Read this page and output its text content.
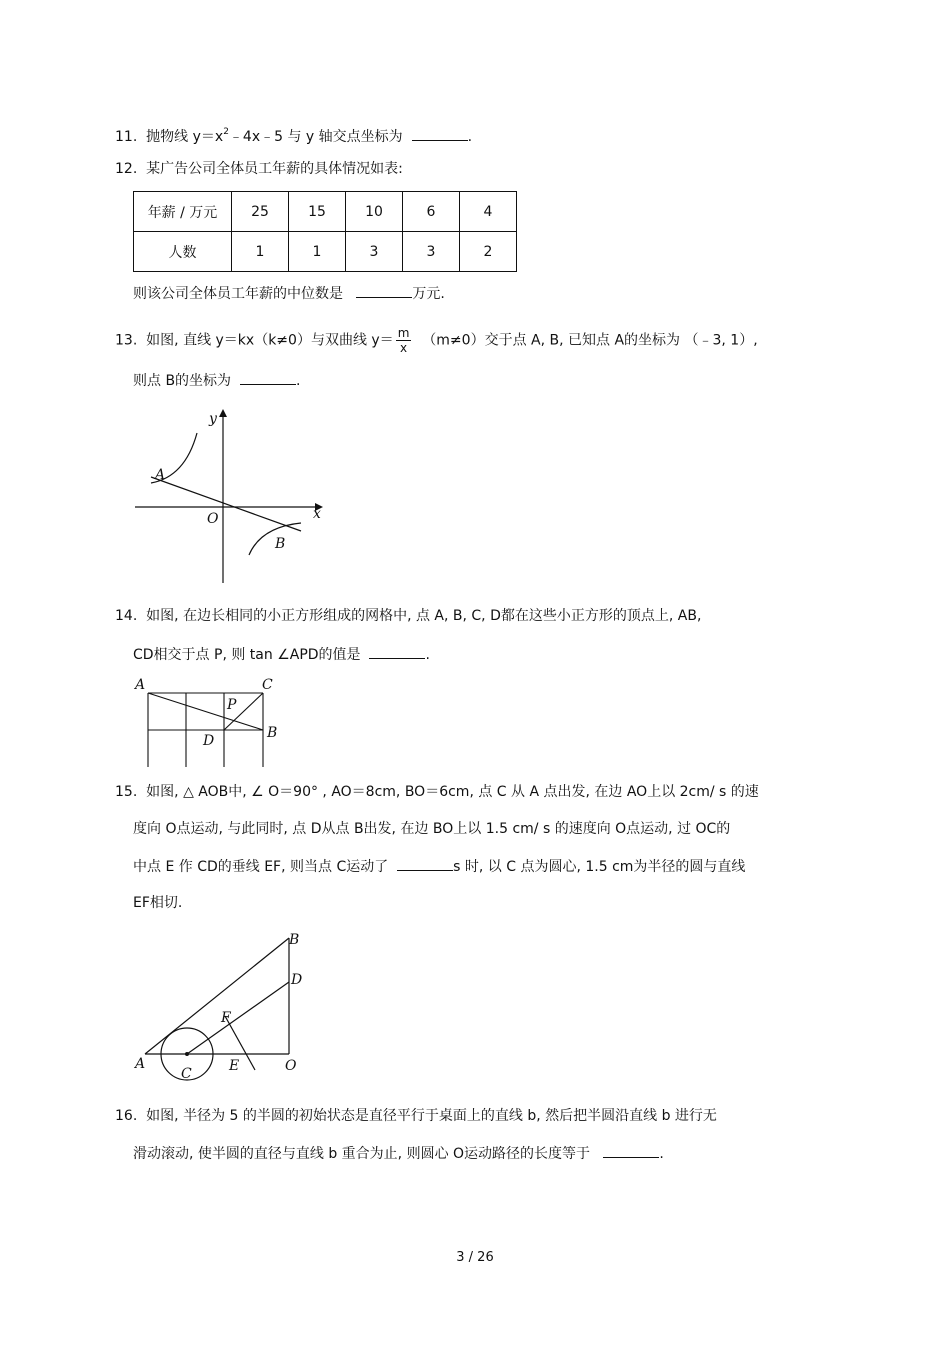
11. 抛物线 $y=x^2﹣4x﹣5$ 与 y 轴交点坐标为	.
12. 某广告公司全体员工年薪的具体情况如表:
年薪 / 万元	25	15	10	6	4
人数	1	1	3	3	2
则该公司全体员工年薪的中位数是	万元.
13. 如图, 直线 y＝kx（k≠0）与双曲线 $y= \frac{m}{x} (m\ne 0)$交于点 A, B, 已知点 A的坐标为 （﹣3, 1）,
则点 B的坐标为	.
y
x
O
A
B
14. 如图, 在边长相同的小正方形组成的网格中, 点 A, B, C, D都在这些小正方形的顶点上, AB,
CD相交于点 P, 则 tan ∠APD的值是	.
A	C
B
D
P
15. 如图, △ AOB中, ∠ O＝90° , AO＝8cm, BO＝6cm, 点 C 从 A 点出发, 在边 AO上以 2cm/ s 的速
度向 O点运动, 与此同时, 点 D从点 B出发, 在边 BO上以 1.5 cm/ s 的速度向 O点运动, 过 OC的
中点 E 作 CD的垂线 EF, 则当点 C运动了	s 时, 以 C 点为圆心, 1.5 cm为半径的圆与直线
EF相切.
A
C	E
F
O
D
B
16. 如图, 半径为 5 的半圆的初始状态是直径平行于桌面上的直线 b, 然后把半圆沿直线 b 进行无
滑动滚动, 使半圆的直径与直线 b 重合为止, 则圆心 O运动路径的长度等于	.
3 / 26
